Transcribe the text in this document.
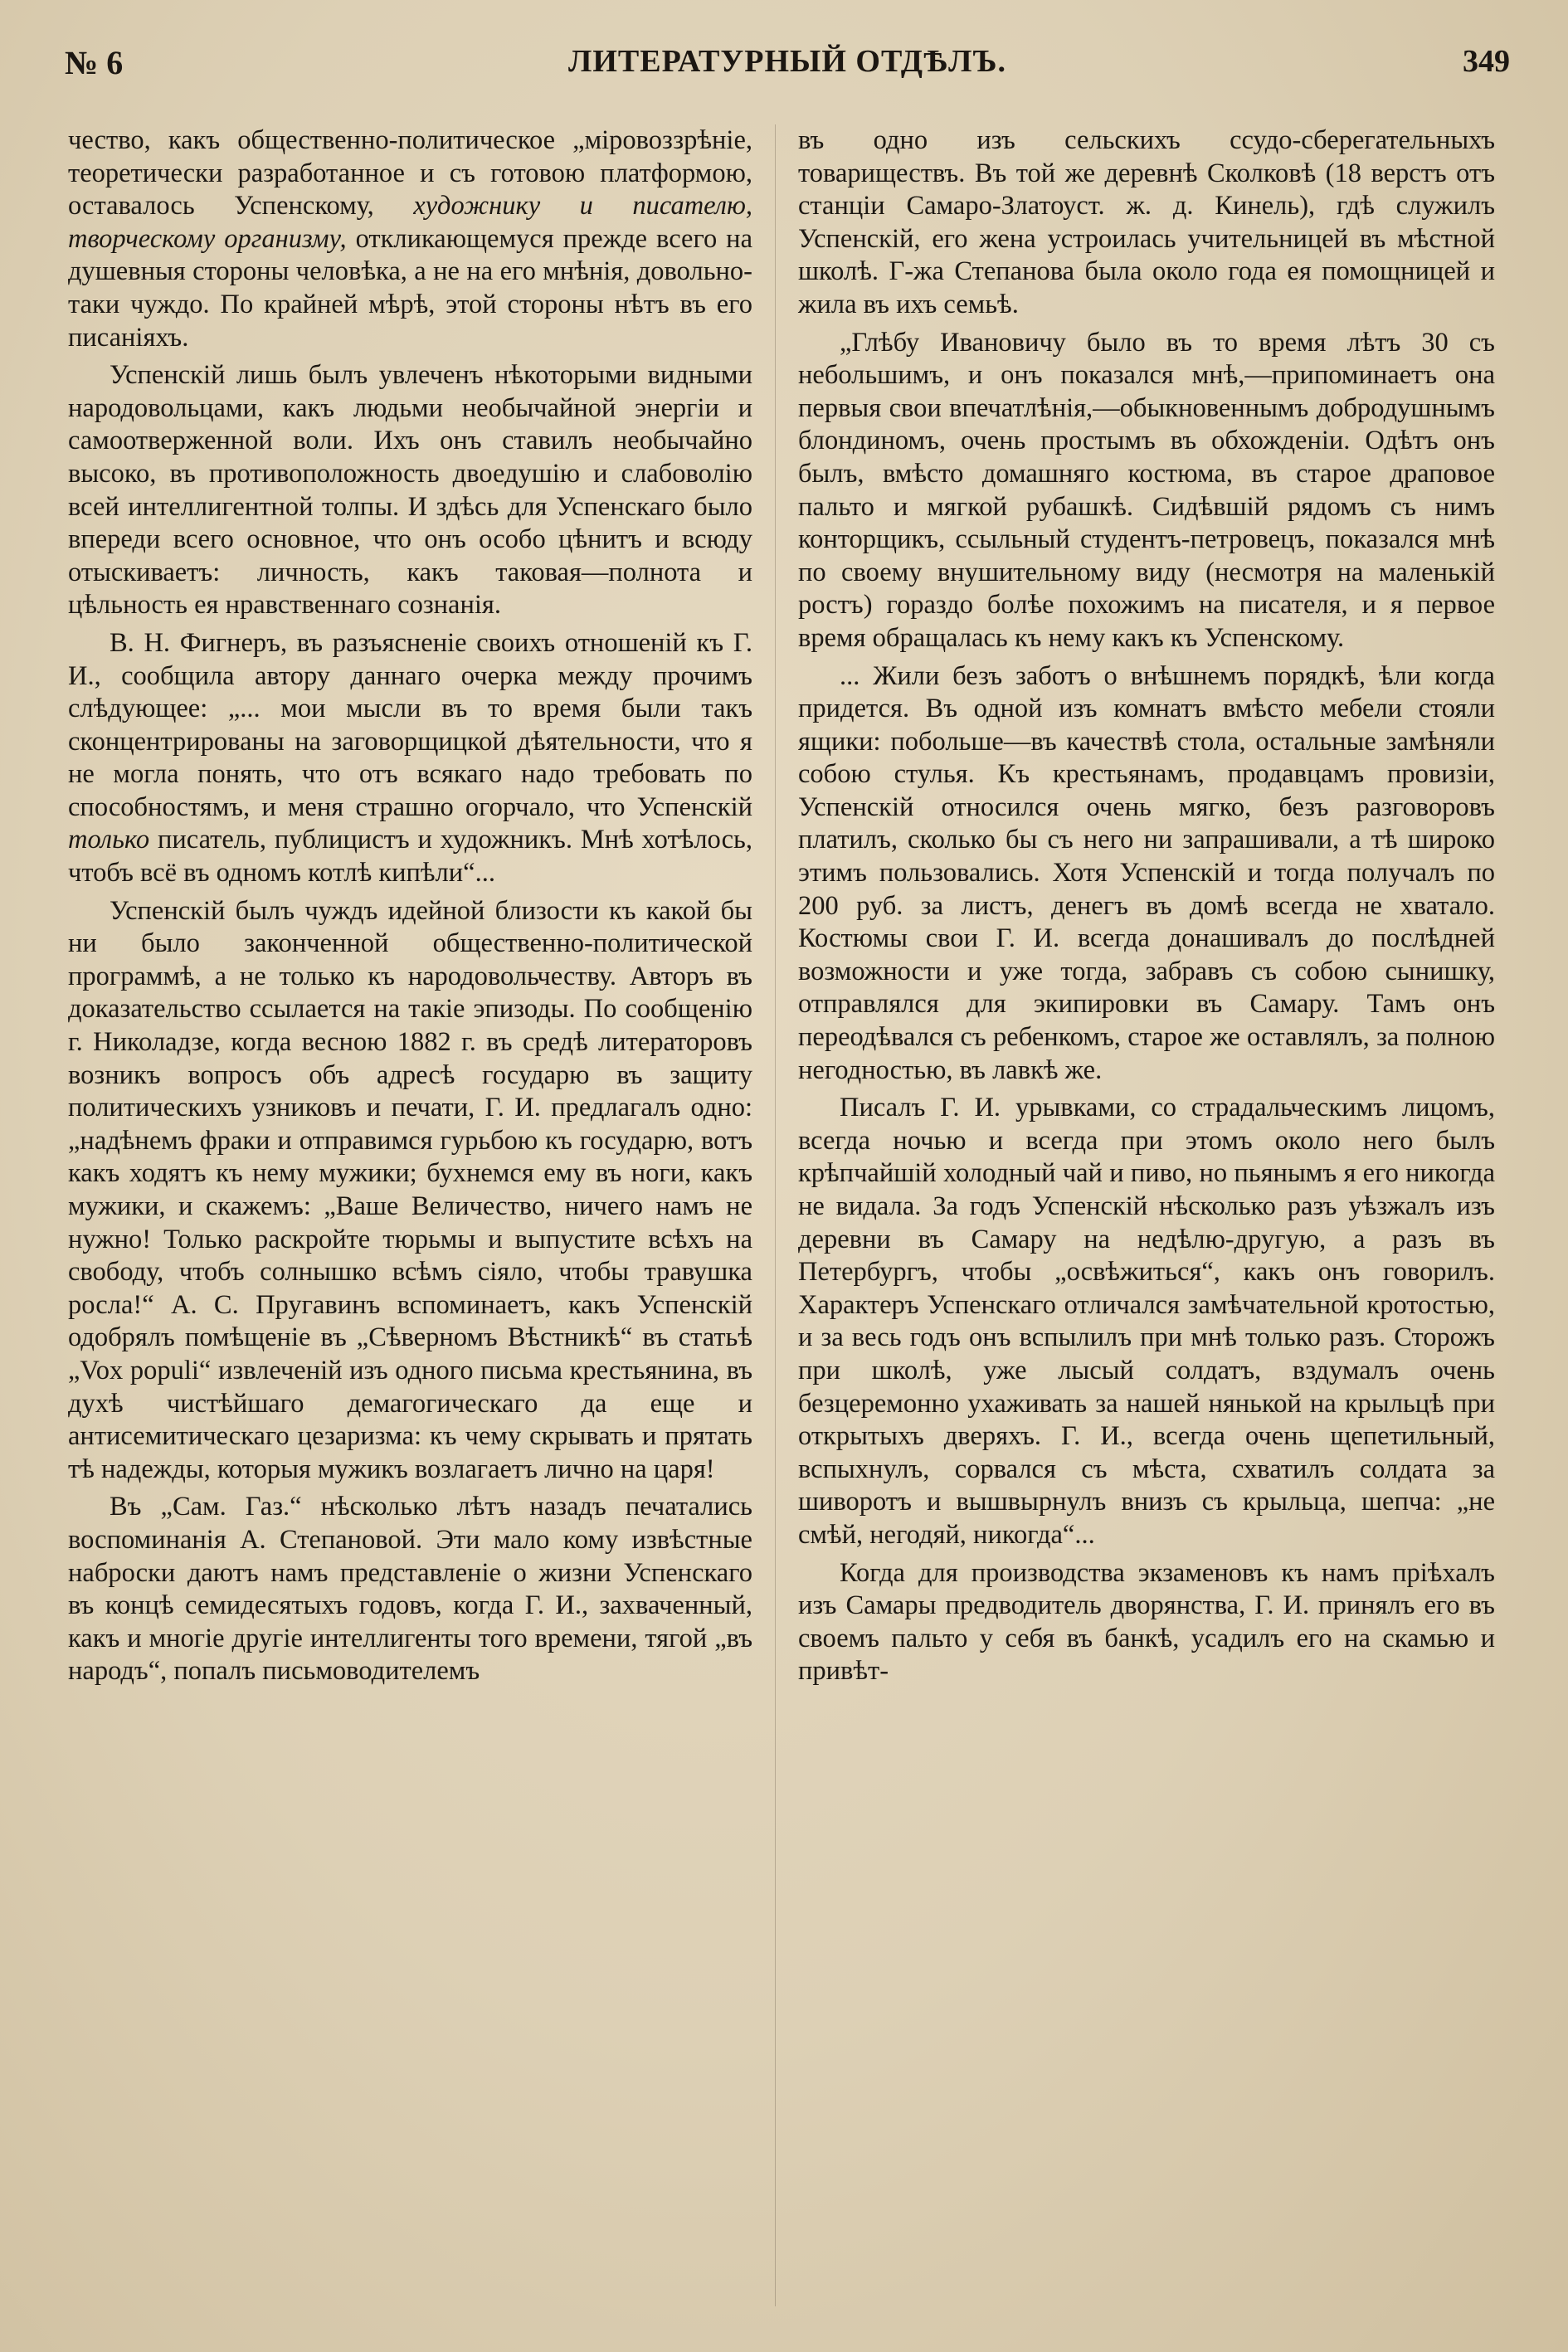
№ 6	ЛИТЕРАТУРНЫЙ ОТДѢЛЪ.	349

чество, какъ общественно-политическое „міровоззрѣніе, теоретически разработанное и съ готовою платформою, оставалось Успенскому, художнику и писателю, творческому организму, откликающемуся прежде всего на душевныя стороны человѣка, а не на его мнѣнія, довольно-таки чуждо. По крайней мѣрѣ, этой стороны нѣтъ въ его писаніяхъ.

Успенскій лишь былъ увлеченъ нѣкоторыми видными народовольцами, какъ людьми необычайной энергіи и самоотверженной воли. Ихъ онъ ставилъ необычайно высоко, въ противоположность двоедушію и слабоволію всей интеллигентной толпы. И здѣсь для Успенскаго было впереди всего основное, что онъ особо цѣнитъ и всюду отыскиваетъ: личность, какъ таковая—полнота и цѣльность ея нравственнаго сознанія.

В. Н. Фигнеръ, въ разъясненіе своихъ отношеній къ Г. И., сообщила автору даннаго очерка между прочимъ слѣдующее: „... мои мысли въ то время были такъ сконцентрированы на заговорщицкой дѣятельности, что я не могла понять, что отъ всякаго надо требовать по способностямъ, и меня страшно огорчало, что Успенскій только писатель, публицистъ и художникъ. Мнѣ хотѣлось, чтобъ всё въ одномъ котлѣ кипѣли“...

Успенскій былъ чуждъ идейной близости къ какой бы ни было законченной общественно-политической программѣ, а не только къ народовольчеству. Авторъ въ доказательство ссылается на такіе эпизоды. По сообщенію г. Николадзе, когда весною 1882 г. въ средѣ литераторовъ возникъ вопросъ объ адресѣ государю въ защиту политическихъ узниковъ и печати, Г. И. предлагалъ одно: „надѣнемъ фраки и отправимся гурьбою къ государю, вотъ какъ ходятъ къ нему мужики; бухнемся ему въ ноги, какъ мужики, и скажемъ: „Ваше Величество, ничего намъ не нужно! Только раскройте тюрьмы и выпустите всѣхъ на свободу, чтобъ солнышко всѣмъ сіяло, чтобы травушка росла!“ А. С. Пругавинъ вспоминаетъ, какъ Успенскій одобрялъ помѣщеніе въ „Сѣверномъ Вѣстникѣ“ въ статьѣ „Vox populi“ извлеченій изъ одного письма крестьянина, въ духѣ чистѣйшаго демагогическаго да еще и антисемитическаго цезаризма: къ чему скрывать и прятать тѣ надежды, которыя мужикъ возлагаетъ лично на царя!

Въ „Сам. Газ.“ нѣсколько лѣтъ назадъ печатались воспоминанія А. Степановой. Эти мало кому извѣстные наброски даютъ намъ представленіе о жизни Успенскаго въ концѣ семидесятыхъ годовъ, когда Г. И., захваченный, какъ и многіе другіе интеллигенты того времени, тягой „въ народъ“, попалъ письмоводителемъ

въ одно изъ сельскихъ ссудо-сберегательныхъ товариществъ. Въ той же деревнѣ Сколковѣ (18 верстъ отъ станціи Самаро-Златоуст. ж. д. Кинель), гдѣ служилъ Успенскій, его жена устроилась учительницей въ мѣстной школѣ. Г-жа Степанова была около года ея помощницей и жила въ ихъ семьѣ.

„Глѣбу Ивановичу было въ то время лѣтъ 30 съ небольшимъ, и онъ показался мнѣ,—припоминаетъ она первыя свои впечатлѣнія,—обыкновеннымъ добродушнымъ блондиномъ, очень простымъ въ обхожденіи. Одѣтъ онъ былъ, вмѣсто домашняго костюма, въ старое драповое пальто и мягкой рубашкѣ. Сидѣвшій рядомъ съ нимъ конторщикъ, ссыльный студентъ-петровецъ, показался мнѣ по своему внушительному виду (несмотря на маленькій ростъ) гораздо болѣе похожимъ на писателя, и я первое время обращалась къ нему какъ къ Успенскому.

... Жили безъ заботъ о внѣшнемъ порядкѣ, ѣли когда придется. Въ одной изъ комнатъ вмѣсто мебели стояли ящики: побольше—въ качествѣ стола, остальные замѣняли собою стулья. Къ крестьянамъ, продавцамъ провизіи, Успенскій относился очень мягко, безъ разговоровъ платилъ, сколько бы съ него ни запрашивали, а тѣ широко этимъ пользовались. Хотя Успенскій и тогда получалъ по 200 руб. за листъ, денегъ въ домѣ всегда не хватало. Костюмы свои Г. И. всегда донашивалъ до послѣдней возможности и уже тогда, забравъ съ собою сынишку, отправлялся для экипировки въ Самару. Тамъ онъ переодѣвался съ ребенкомъ, старое же оставлялъ, за полною негодностью, въ лавкѣ же.

Писалъ Г. И. урывками, со страдальческимъ лицомъ, всегда ночью и всегда при этомъ около него былъ крѣпчайшій холодный чай и пиво, но пьянымъ я его никогда не видала. За годъ Успенскій нѣсколько разъ уѣзжалъ изъ деревни въ Самару на недѣлю-другую, а разъ въ Петербургъ, чтобы „освѣжиться“, какъ онъ говорилъ. Характеръ Успенскаго отличался замѣчательной кротостью, и за весь годъ онъ вспылилъ при мнѣ только разъ. Сторожъ при школѣ, уже лысый солдатъ, вздумалъ очень безцеремонно ухаживать за нашей нянькой на крыльцѣ при открытыхъ дверяхъ. Г. И., всегда очень щепетильный, вспыхнулъ, сорвался съ мѣста, схватилъ солдата за шиворотъ и вышвырнулъ внизъ съ крыльца, шепча: „не смѣй, негодяй, никогда“...

Когда для производства экзаменовъ къ намъ пріѣхалъ изъ Самары предводитель дворянства, Г. И. принялъ его въ своемъ пальто у себя въ банкѣ, усадилъ его на скамью и привѣт-
